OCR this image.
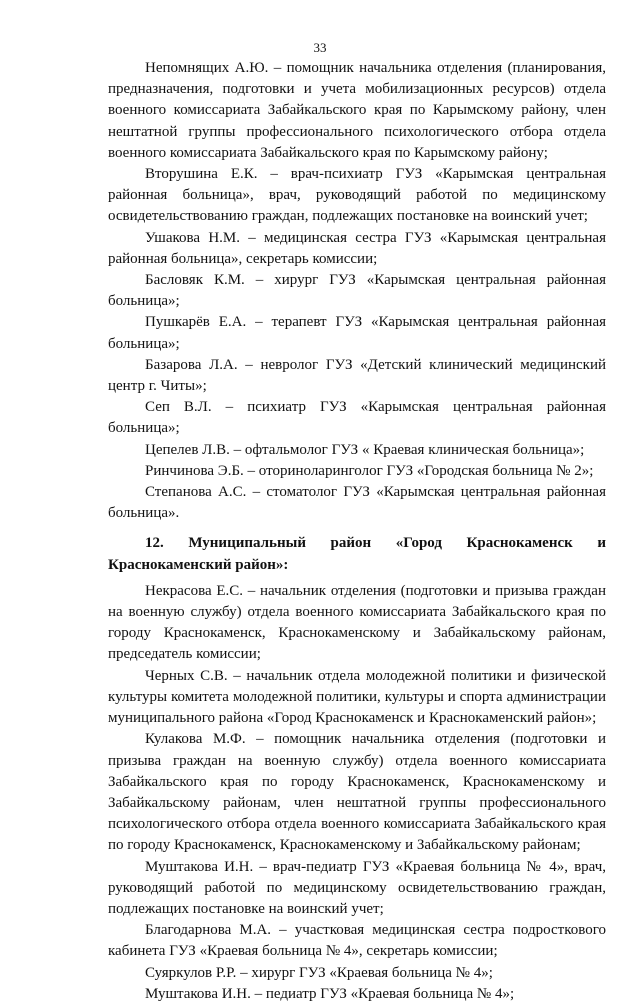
33

Непомнящих А.Ю. – помощник начальника отделения (планирования, предназначения, подготовки и учета мобилизационных ресурсов) отдела военного комиссариата Забайкальского края по Карымскому району, член нештатной группы профессионального психологического отбора отдела военного комиссариата Забайкальского края по Карымскому району;

Вторушина Е.К. – врач-психиатр ГУЗ «Карымская центральная районная больница», врач, руководящий работой по медицинскому освидетельствованию граждан, подлежащих постановке на воинский учет;

Ушакова Н.М. – медицинская сестра ГУЗ «Карымская центральная районная больница», секретарь комиссии;

Басловяк К.М. – хирург ГУЗ «Карымская центральная районная больница»;

Пушкарёв Е.А. – терапевт ГУЗ «Карымская центральная районная больница»;

Базарова Л.А. – невролог ГУЗ «Детский клинический медицинский центр г. Читы»;

Сеп В.Л. – психиатр ГУЗ «Карымская центральная районная больница»;

Цепелев Л.В. – офтальмолог ГУЗ « Краевая клиническая больница»;

Ринчинова Э.Б. – оториноларинголог ГУЗ «Городская больница № 2»;

Степанова А.С. – стоматолог ГУЗ «Карымская центральная районная больница».

12. Муниципальный район «Город Краснокаменск и Краснокаменский район»:

Некрасова Е.С. – начальник отделения (подготовки и призыва граждан на военную службу) отдела военного комиссариата Забайкальского края по городу Краснокаменск, Краснокаменскому и Забайкальскому районам, председатель комиссии;

Черных С.В. – начальник отдела молодежной политики и физической культуры комитета молодежной политики, культуры и спорта администрации муниципального района «Город Краснокаменск и Краснокаменский район»;

Кулакова М.Ф. – помощник начальника отделения (подготовки и призыва граждан на военную службу) отдела военного комиссариата Забайкальского края по городу Краснокаменск, Краснокаменскому и Забайкальскому районам, член нештатной группы профессионального психологического отбора отдела военного комиссариата Забайкальского края по городу Краснокаменск, Краснокаменскому и Забайкальскому районам;

Муштакова И.Н. – врач-педиатр ГУЗ «Краевая больница № 4», врач, руководящий работой по медицинскому освидетельствованию граждан, подлежащих постановке на воинский учет;

Благодарнова М.А. – участковая медицинская сестра подросткового кабинета ГУЗ «Краевая больница № 4», секретарь комиссии;

Суяркулов Р.Р. – хирург ГУЗ «Краевая больница № 4»;

Муштакова И.Н. – педиатр ГУЗ «Краевая больница № 4»;
